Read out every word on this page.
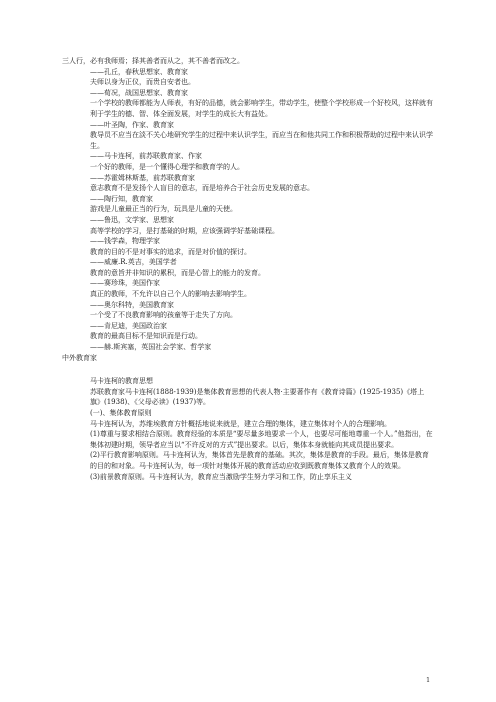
三人行，必有我师焉；择其善者而从之，其不善者而改之。

——孔丘，春秋思想家、教育家

夫师以身为正仪，而贵自安者也。

——荀况，战国思想家、教育家

一个学校的教师都能为人师表，有好的品德，就会影响学生，带动学生，使整个学校形成一个好校风，这样就有利于学生的德、智、体全面发展，对学生的成长大有益处。

——叶圣陶，作家、教育家

教导员不应当在淡不关心地研究学生的过程中来认识学生，而应当在和他共同工作和积极帮助的过程中来认识学生。

——马卡连柯，前苏联教育家、作家

一个好的教师，是一个懂得心理学和教育学的人。

——苏霍姆林斯基，前苏联教育家

意志教育不是发扬个人盲目的意志，而是培养合于社会历史发展的意志。

——陶行知，教育家

游戏是儿童最正当的行为，玩具是儿童的天使。

——鲁迅，文学家、思想家

高等学校的学习，是打基础的时期，应该强调学好基础课程。

——钱学森，物理学家

教育的目的不是对事实的追求，而是对价值的探讨。

——威廉.R.英吉，美国学者

教育的意旨并非知识的累积，而是心智上的能力的发育。

——赛珍珠，美国作家

真正的教师，不允许以自己个人的影响去影响学生。

——奥尔科特，美国教育家

一个受了不良教育影响的孩童等于走失了方向。

——肯尼迪，美国政治家

教育的最高目标不是知识而是行动。

——赫.斯宾塞，英国社会学家、哲学家

中外教育家

马卡连柯的教育思想

苏联教育家马卡连柯(1888-1939)是集体教育思想的代表人物·主要著作有《教育诗篇》(1925-1935)《塔上旗》(1938)、《父母必读》(1937)等。

(一)、集体教育原则

马卡连柯认为，苏维埃教育方针概括地说来就是，建立合理的集体，建立集体对个人的合理影响。

(1)尊重与要求相结合原则。教育经验的本质是“要尽量多地要求一个人，也要尽可能地尊重一个人。”他指出，在集体初建时期，领导者应当以“不许反对的方式”提出要求。以后，集体本身就能向其成员提出要求。

(2)平行教育影响原则。马卡连柯认为，集体首先是教育的基础。其次，集体是教育的手段。最后，集体是教育的目的和对象。马卡连柯认为，每一项针对集体开展的教育活动应收到既教育集体又教育个人的效果。

(3)前景教育原则。马卡连柯认为，教育应当激励学生努力学习和工作，防止享乐主义

1
